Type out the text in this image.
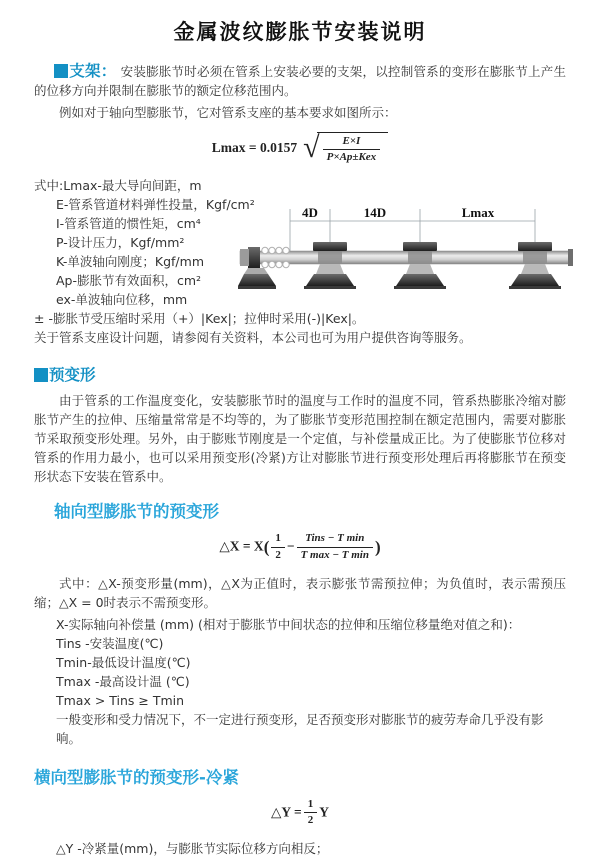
金属波纹膨胀节安装说明

支架： 安装膨胀节时必须在管系上安装必要的支架，以控制管系的变形在膨胀节上产生的位移方向并限制在膨胀节的额定位移范围内。

例如对于轴向型膨胀节，它对管系支座的基本要求如图所示：

Lmax = 0.0157 √ $\frac{E\times I}{\text{P×Ap±Kex}}$
式中:Lmax-最大导向间距，m
E-管系管道材料弹性投量，Kgf/cm²
I-管系管道的惯性矩，cm⁴
P-设计压力，Kgf/mm²
K-单波轴向刚度；Kgf/mm
Ap-膨胀节有效面积，cm²
ex-单波轴向位移，mm
± -膨胀节受压缩时采用（+）|Kex|；拉伸时采用(-)|Kex|。
4D	14D	Lmax

关于管系支座设计问题，请参阅有关资料，本公司也可为用户提供咨询等服务。

预变形

由于管系的工作温度变化，安装膨胀节时的温度与工作时的温度不同，管系热膨胀冷缩对膨胀节产生的拉伸、压缩量常常是不均等的，为了膨胀节变形范围控制在额定范围内，需要对膨胀节采取预变形处理。另外，由于膨账节刚度是一个定值，与补偿量成正比。为了使膨胀节位移对管系的作用力最小，也可以采用预变形(冷紧)方让对膨胀节进行预变形处理后再将膨胀节在预变形状态下安装在管系中。

轴向型膨胀节的预变形
△X = $X( \frac{1}{2} - \frac{\text{Tins − T min}}{\text{T max − T min}}$ )

式中：△X-预变形量(mm)，△X为正值时，表示膨张节需预拉伸；为负值时，表示需预压缩；△X = 0时表示不需预变形。

X-实际轴向补偿量 (mm) (相对于膨胀节中间状态的拉伸和压缩位移量绝对值之和)：
Tins -安装温度(℃)
Tmin-最低设计温度(℃)
Tmax -最高设计温 (℃)
Tmax > Tins ≥ Tmin
一般变形和受力情况下，不一定进行预变形，足否预变形对膨胀节的疲劳寿命几乎没有影响。
横向型膨胀节的预变形-冷紧
△Y = $\frac{1}{2}$ Y
△Y -冷紧量(mm)，与膨胀节实际位移方向相反；
